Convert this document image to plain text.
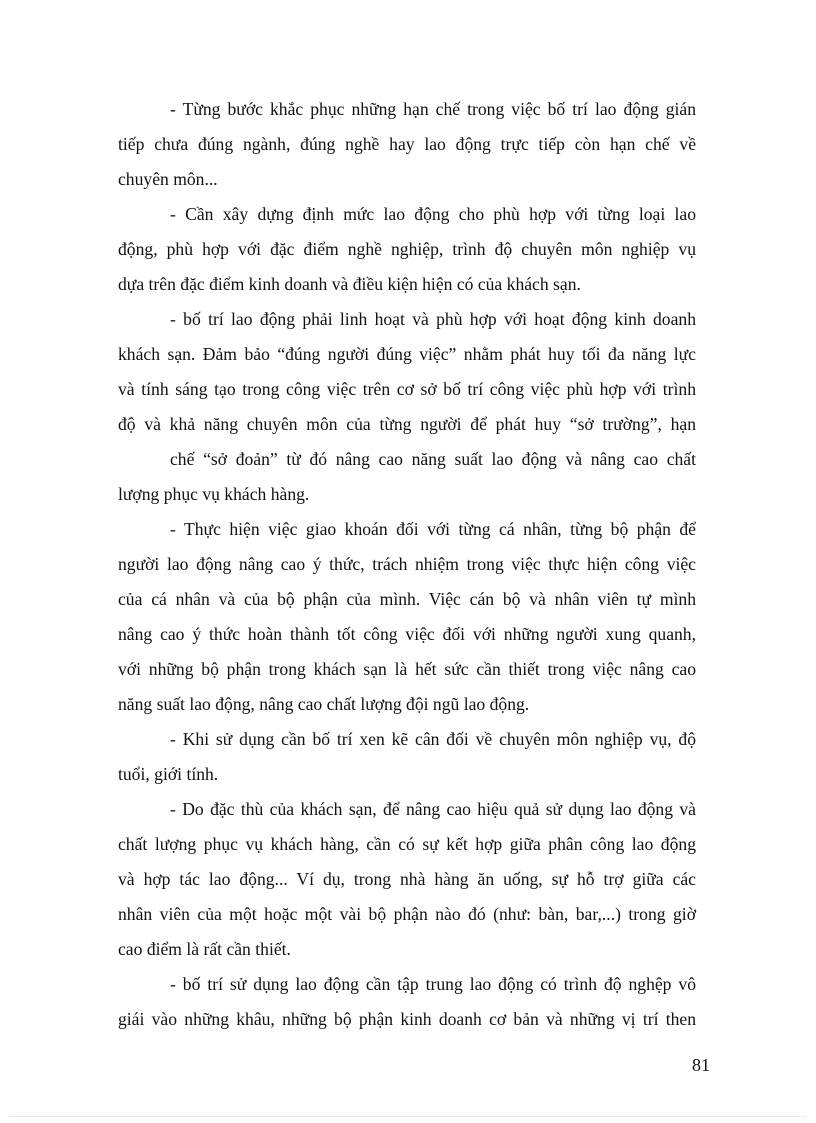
- Từng bước khắc phục những hạn chế trong việc bố trí lao động gián
tiếp chưa đúng ngành, đúng nghề hay lao động trực tiếp còn hạn chế về
chuyên môn...
- Cần xây dựng định mức lao động cho phù hợp với từng loại lao
động, phù hợp với đặc điểm nghề nghiệp, trình độ chuyên môn nghiệp vụ
dựa trên đặc điểm kinh doanh và điều kiện hiện có của khách sạn.
- bố trí lao động phải linh hoạt và phù hợp với hoạt động kinh doanh
khách sạn. Đảm bảo “đúng người đúng việc” nhằm phát huy tối đa năng lực
và tính sáng tạo trong công việc trên cơ sở bố trí công việc phù hợp với trình
độ và khả năng chuyên môn của từng người để phát huy “sở trường”, hạn
chế “sở đoản” từ đó nâng cao năng suất lao động và nâng cao chất
lượng phục vụ khách hàng.
- Thực hiện việc giao khoán đối với từng cá nhân, từng bộ phận để
người lao động nâng cao ý thức, trách nhiệm trong việc thực hiện công việc
của cá nhân và của bộ phận của mình. Việc cán bộ và nhân viên tự mình
nâng cao ý thức hoàn thành tốt công việc đối với những người xung quanh,
với những bộ phận trong khách sạn là hết sức cần thiết trong việc nâng cao
năng suất lao động, nâng cao chất lượng đội ngũ lao động.
- Khi sử dụng cần bố trí xen kẽ cân đối về chuyên môn nghiệp vụ, độ
tuổi, giới tính.
- Do đặc thù của khách sạn, để nâng cao hiệu quả sử dụng lao động và
chất lượng phục vụ khách hàng, cần có sự kết hợp giữa phân công lao động
và hợp tác lao động... Ví dụ, trong nhà hàng ăn uống, sự hỗ trợ giữa các
nhân viên của một hoặc một vài bộ phận nào đó (như: bàn, bar,...) trong giờ
cao điểm là rất cần thiết.
- bố trí sử dụng lao động cần tập trung lao động có trình độ nghệp vô
giái vào những khâu, những bộ phận kinh doanh cơ bản và những vị trí then
81
